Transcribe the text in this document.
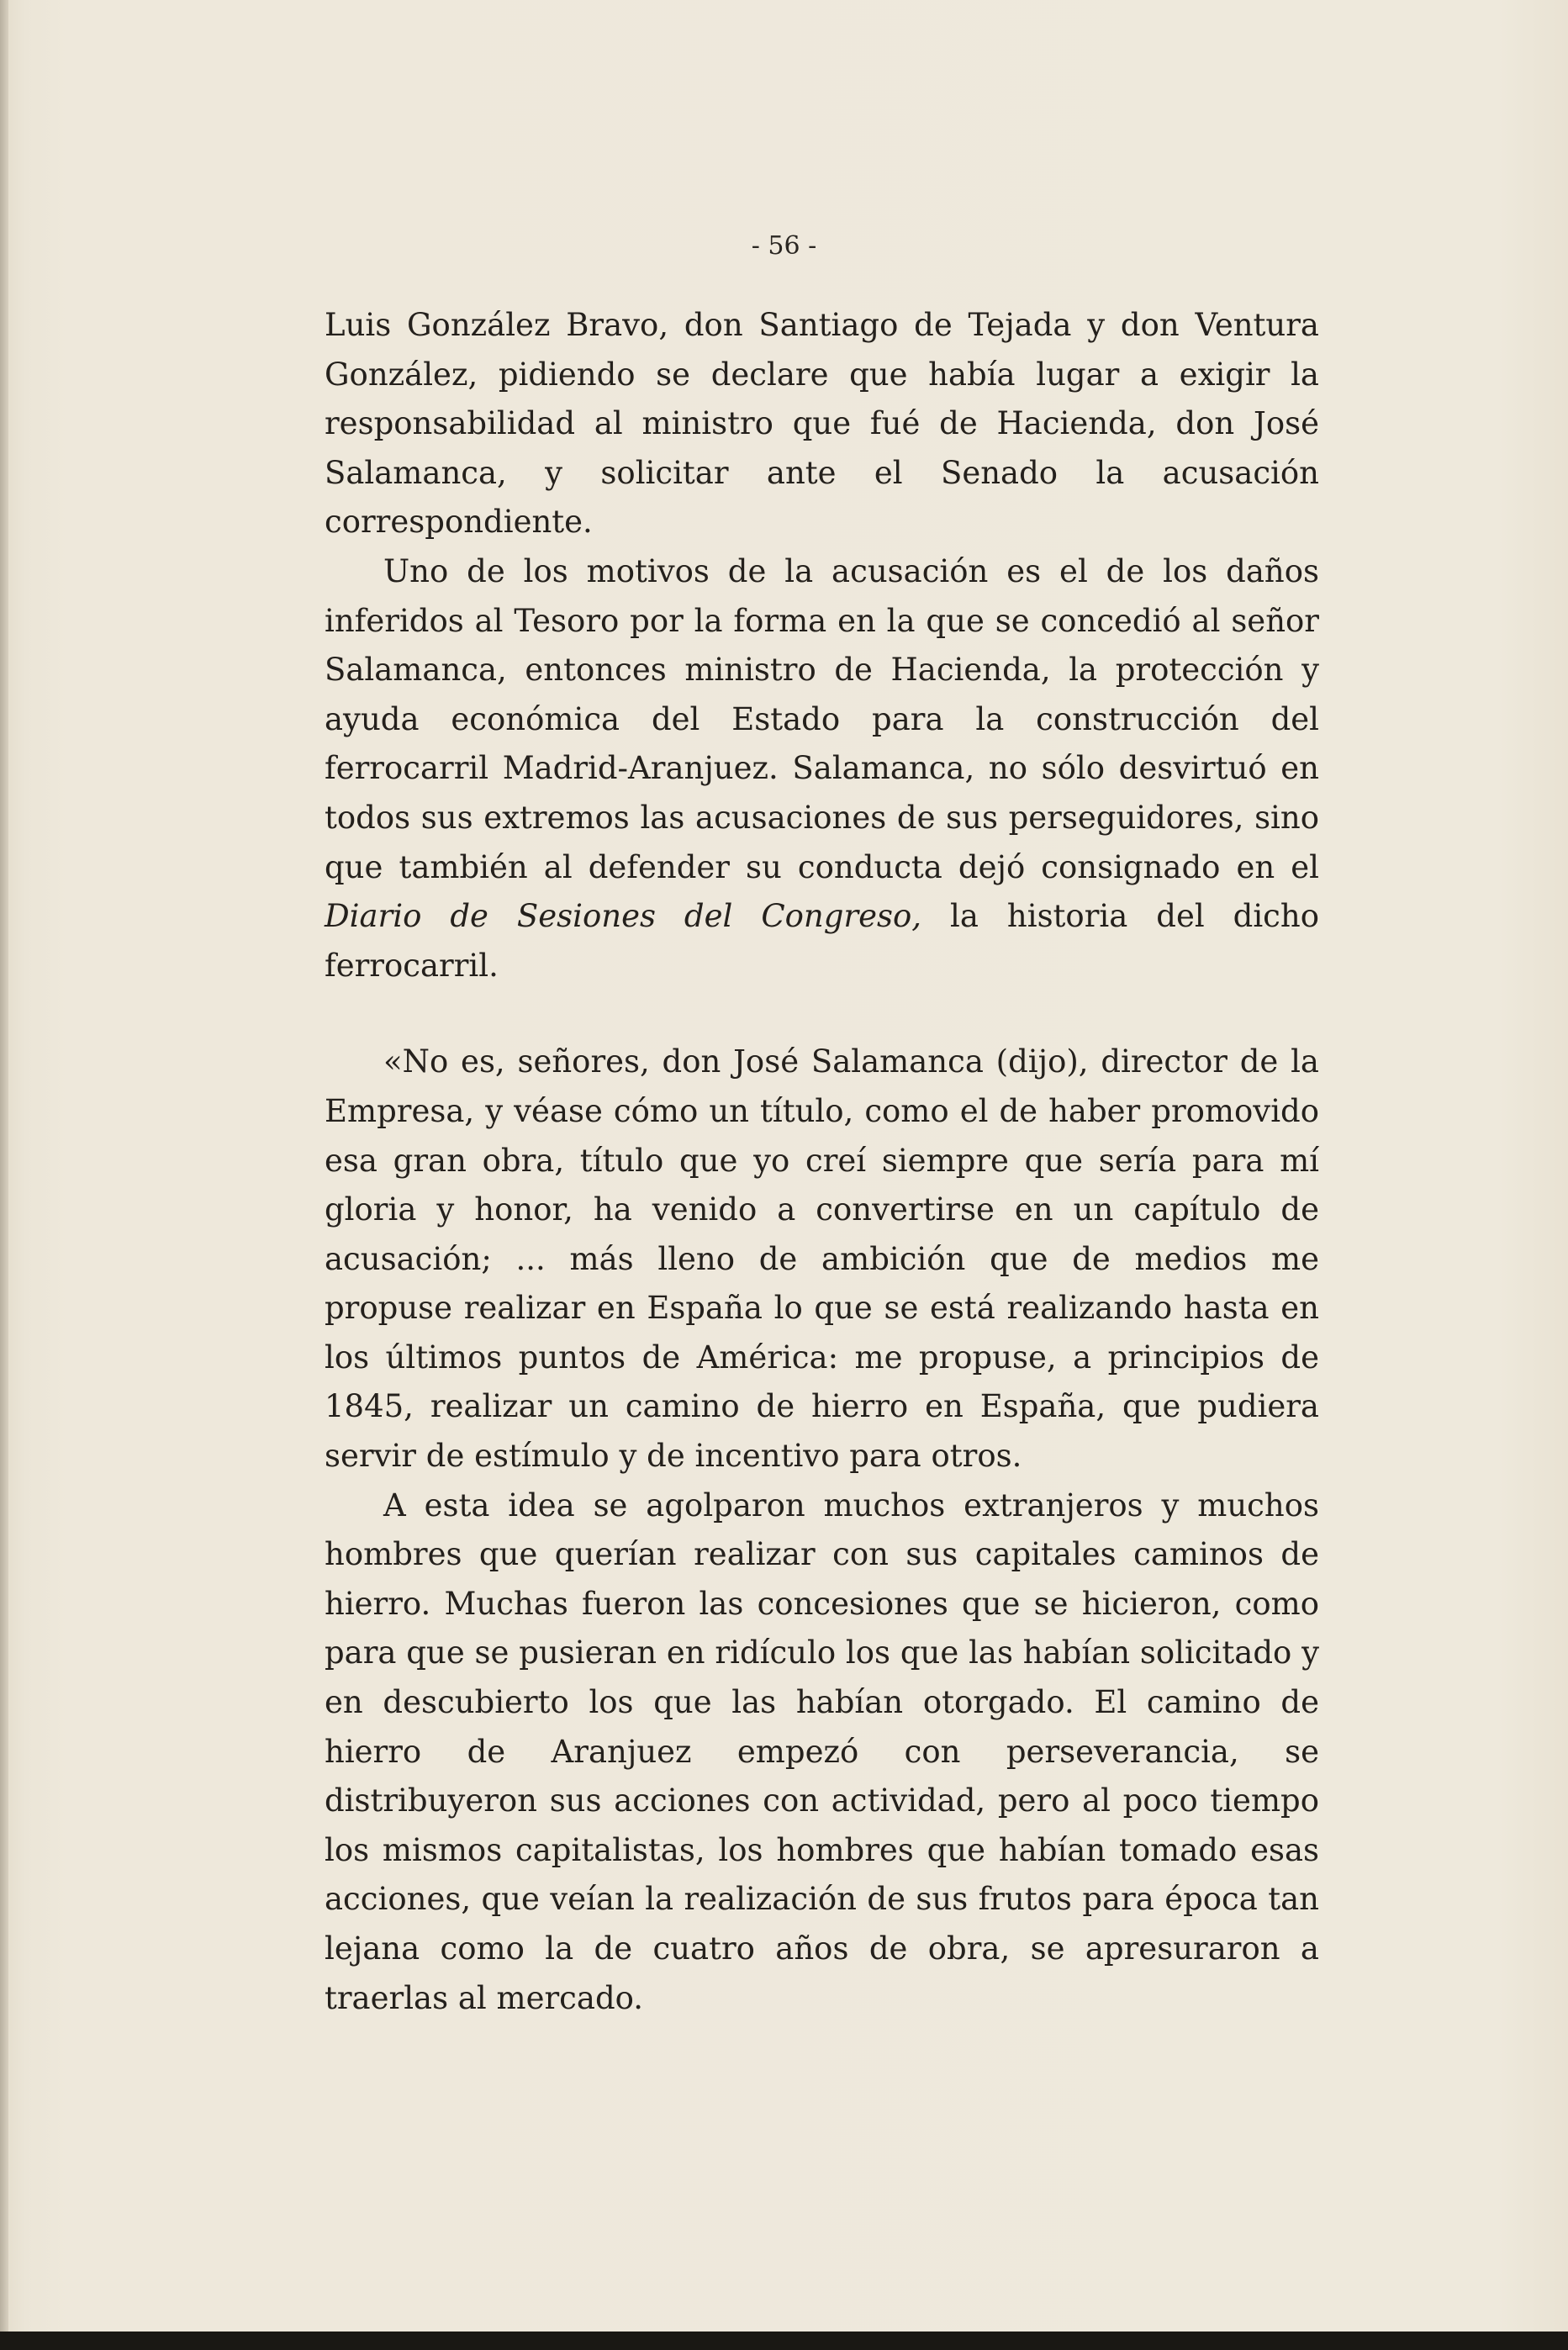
- 56 -

Luis González Bravo, don Santiago de Tejada y don Ventura González, pidiendo se declare que había lugar a exigir la responsabilidad al ministro que fué de Hacienda, don José Salamanca, y solicitar ante el Senado la acusación correspondiente.

Uno de los motivos de la acusación es el de los daños inferidos al Tesoro por la forma en la que se concedió al señor Salamanca, entonces ministro de Hacienda, la protección y ayuda económica del Estado para la construcción del ferrocarril Madrid-Aranjuez. Salamanca, no sólo desvirtuó en todos sus extremos las acusaciones de sus perseguidores, sino que también al defender su conducta dejó consignado en el Diario de Sesiones del Congreso, la historia del dicho ferrocarril.

«No es, señores, don José Salamanca (dijo), director de la Empresa, y véase cómo un título, como el de haber promovido esa gran obra, título que yo creí siempre que sería para mí gloria y honor, ha venido a convertirse en un capítulo de acusación; ... más lleno de ambición que de medios me propuse realizar en España lo que se está realizando hasta en los últimos puntos de América: me propuse, a principios de 1845, realizar un camino de hierro en España, que pudiera servir de estímulo y de incentivo para otros.

A esta idea se agolparon muchos extranjeros y muchos hombres que querían realizar con sus capitales caminos de hierro. Muchas fueron las concesiones que se hicieron, como para que se pusieran en ridículo los que las habían solicitado y en descubierto los que las habían otorgado. El camino de hierro de Aranjuez empezó con perseverancia, se distribuyeron sus acciones con actividad, pero al poco tiempo los mismos capitalistas, los hombres que habían tomado esas acciones, que veían la realización de sus frutos para época tan lejana como la de cuatro años de obra, se apresuraron a traerlas al mercado.
